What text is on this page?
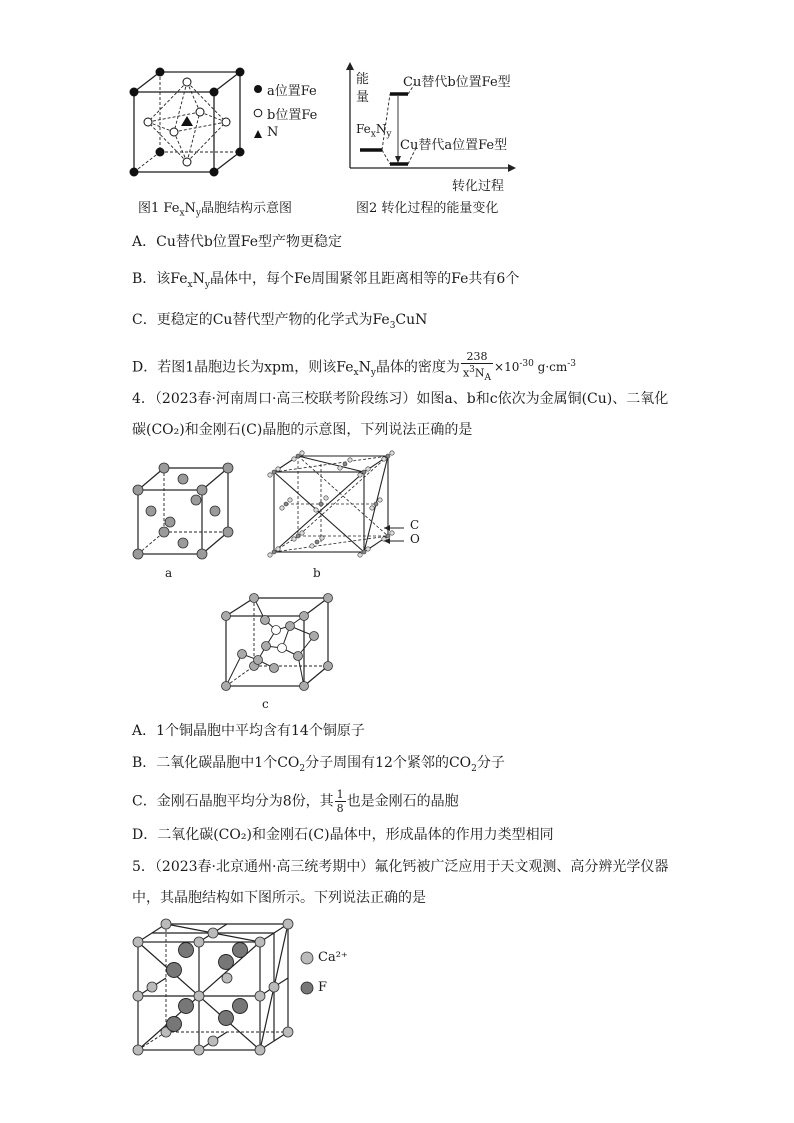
a位置Fe
b位置Fe
N
图1 $Fe_xN_y$晶胞结构示意图
能
量
Cu替代b位置Fe型
Cu替代a位置Fe型
$Fe_xN_y$
转化过程
图2 转化过程的能量变化
A．Cu替代b位置Fe型产物更稳定
B．该$Fe_xN_y$晶体中，每个Fe周围紧邻且距离相等的Fe共有6个
C．更稳定的Cu替代型产物的化学式为$Fe_3CuN$
D．若图1晶胞边长为xpm，则该$Fe_xN_y$晶体的密度为 $\frac{238}{x^3N_A} \times 10^{-30}$ $g\cdot cm^{-3}$
4．（2023春·河南周口·高三校联考阶段练习）如图a、b和c依次为金属铜(Cu)、二氧化
碳(CO₂)和金刚石(C)晶胞的示意图，下列说法正确的是
a
C
O
b
c
A．1个铜晶胞中平均含有14个铜原子
B．二氧化碳晶胞中1个$CO_2$分子周围有12个紧邻的$CO_2$分子
C．金刚石晶胞平均分为8份，其 $\frac{1}{8}$ 也是金刚石的晶胞
D．二氧化碳(CO₂)和金刚石(C)晶体中，形成晶体的作用力类型相同
5．（2023春·北京通州·高三统考期中）氟化钙被广泛应用于天文观测、高分辨光学仪器
中，其晶胞结构如下图所示。下列说法正确的是
Ca²⁺
F
